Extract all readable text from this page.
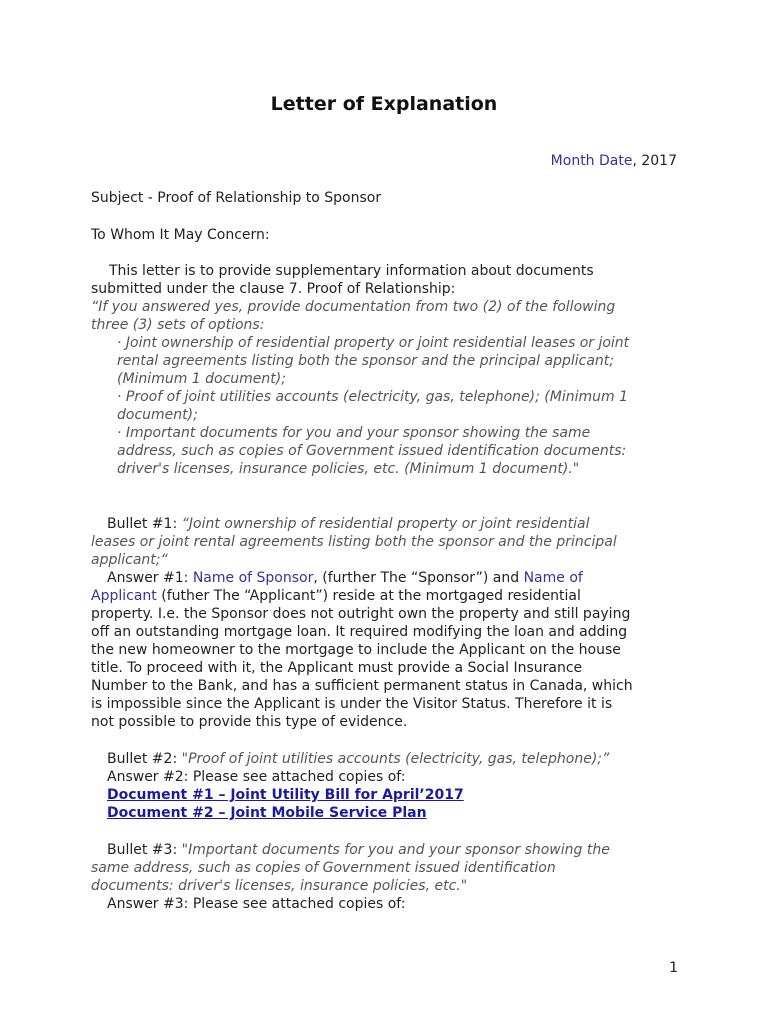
Letter of Explanation
Month Date, 2017
Subject - Proof of Relationship to Sponsor
To Whom It May Concern:
This letter is to provide supplementary information about documents
submitted under the clause 7. Proof of Relationship:
“If you answered yes, provide documentation from two (2) of the following
three (3) sets of options:
· Joint ownership of residential property or joint residential leases or joint
rental agreements listing both the sponsor and the principal applicant;
(Minimum 1 document);
· Proof of joint utilities accounts (electricity, gas, telephone); (Minimum 1
document);
· Important documents for you and your sponsor showing the same
address, such as copies of Government issued identification documents:
driver's licenses, insurance policies, etc. (Minimum 1 document)."
Bullet #1: “Joint ownership of residential property or joint residential
leases or joint rental agreements listing both the sponsor and the principal
applicant;“
Answer #1: Name of Sponsor, (further The “Sponsor”) and Name of
Applicant (futher The “Applicant”) reside at the mortgaged residential
property. I.e. the Sponsor does not outright own the property and still paying
off an outstanding mortgage loan. It required modifying the loan and adding
the new homeowner to the mortgage to include the Applicant on the house
title. To proceed with it, the Applicant must provide a Social Insurance
Number to the Bank, and has a sufficient permanent status in Canada, which
is impossible since the Applicant is under the Visitor Status. Therefore it is
not possible to provide this type of evidence.
Bullet #2: "Proof of joint utilities accounts (electricity, gas, telephone);”
Answer #2: Please see attached copies of:
Document #1 – Joint Utility Bill for April’2017
Document #2 – Joint Mobile Service Plan
Bullet #3: "Important documents for you and your sponsor showing the
same address, such as copies of Government issued identification
documents: driver's licenses, insurance policies, etc."
Answer #3: Please see attached copies of:
1
